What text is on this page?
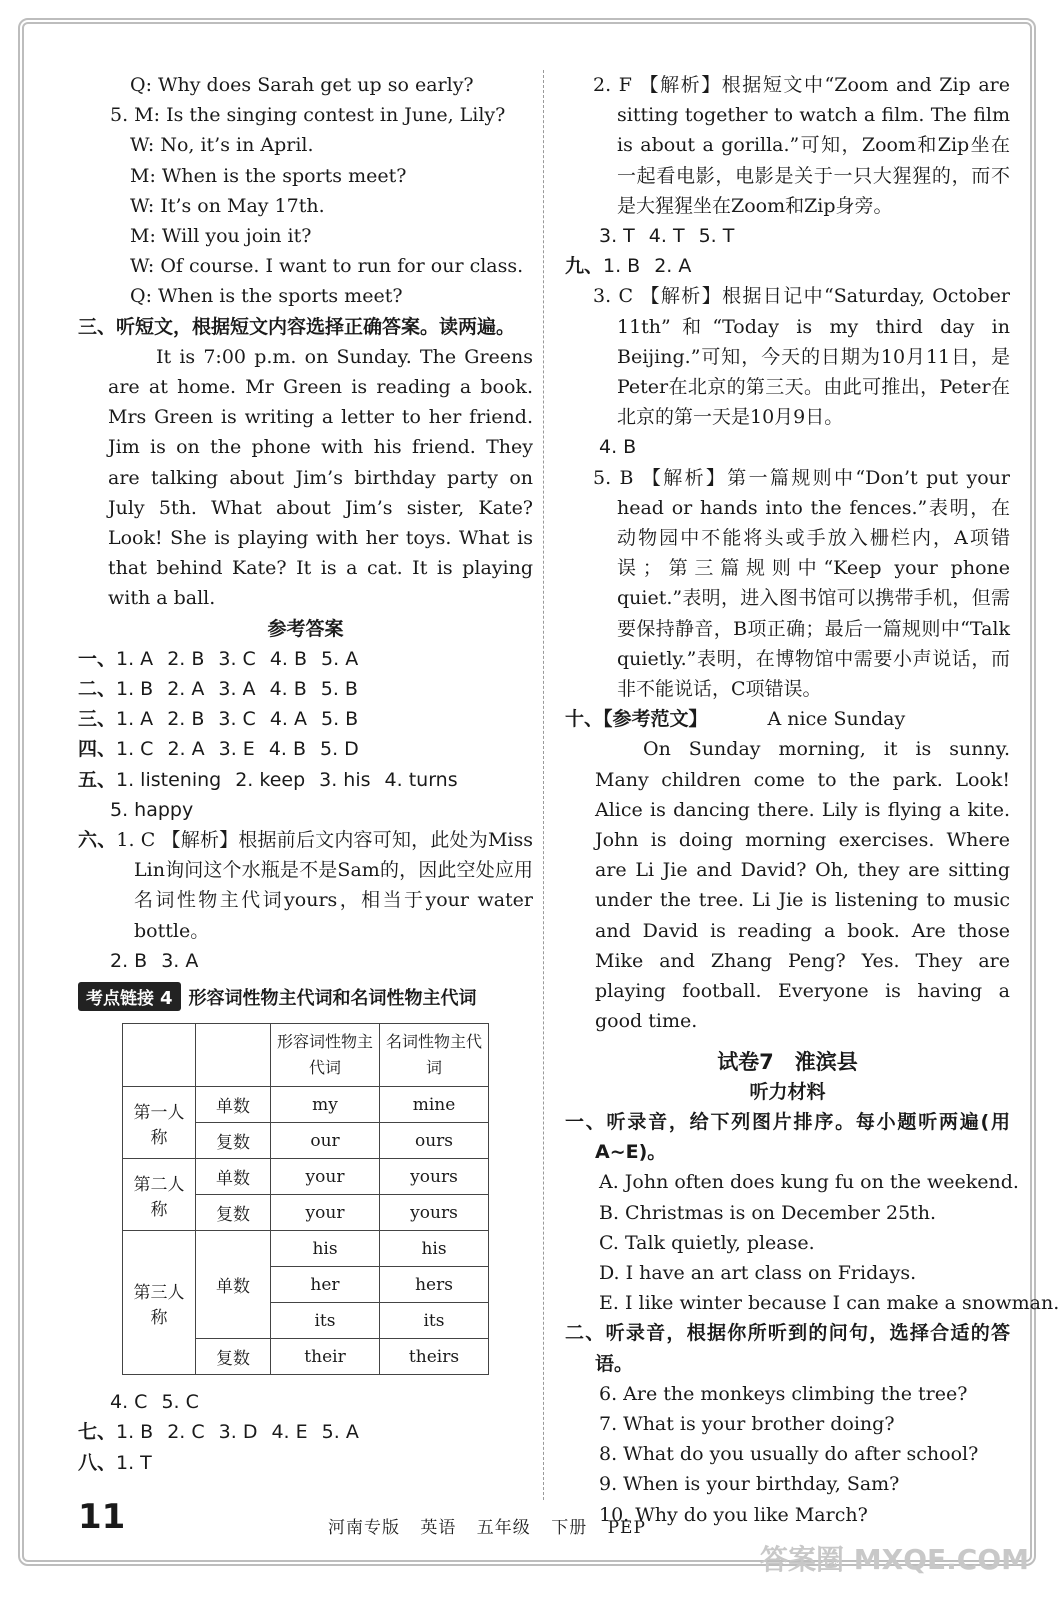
Q: Why does Sarah get up so early?
5. M: Is the singing contest in June, Lily?
W: No, it’s in April.
M: When is the sports meet?
W: It’s on May 17th.
M: Will you join it?
W: Of course. I want to run for our class.
Q: When is the sports meet?
三、听短文，根据短文内容选择正确答案。读两遍。
It is 7:00 p.m. on Sunday. The Greens are at home. Mr Green is reading a book. Mrs Green is writing a letter to her friend. Jim is on the phone with his friend. They are talking about Jim’s birthday party on July 5th. What about Jim’s sister, Kate? Look! She is playing with her toys. What is that behind Kate? It is a cat. It is playing with a ball.
参考答案
一、1. A 2. B 3. C 4. B 5. A
二、1. B 2. A 3. A 4. B 5. B
三、1. A 2. B 3. C 4. A 5. B
四、1. C 2. A 3. E 4. B 5. D
五、1. listening 2. keep 3. his 4. turns
5. happy
六、1. C 【解析】根据前后文内容可知，此处为Miss Lin询问这个水瓶是不是Sam的，因此空处应用名词性物主代词yours，相当于your water bottle。
2. B 3. A
考点链接 4 形容词性物主代词和名词性物主代词
		形容词性物主代词	名词性物主代词
第一人称	单数	my	mine
	复数	our	ours
第二人称	单数	your	yours
	复数	your	yours
第三人称	单数	his	his
		her	hers
		its	its
	复数	their	theirs
4. C 5. C
七、1. B 2. C 3. D 4. E 5. A
八、1. T
2. F 【解析】根据短文中“Zoom and Zip are sitting together to watch a film. The film is about a gorilla.”可知，Zoom和Zip坐在一起看电影，电影是关于一只大猩猩的，而不是大猩猩坐在Zoom和Zip身旁。
3. T 4. T 5. T
九、1. B 2. A
3. C 【解析】根据日记中“Saturday, October 11th”和“Today is my third day in Beijing.”可知，今天的日期为10月11日，是Peter在北京的第三天。由此可推出，Peter在北京的第一天是10月9日。
4. B
5. B 【解析】第一篇规则中“Don’t put your head or hands into the fences.”表明，在动物园中不能将头或手放入栅栏内，A项错误；第三篇规则中“Keep your phone quiet.”表明，进入图书馆可以携带手机，但需要保持静音，B项正确；最后一篇规则中“Talk quietly.”表明，在博物馆中需要小声说话，而非不能说话，C项错误。
十、【参考范文】	A nice Sunday
On Sunday morning, it is sunny. Many children come to the park. Look! Alice is dancing there. Lily is flying a kite. John is doing morning exercises. Where are Li Jie and David? Oh, they are sitting under the tree. Li Jie is listening to music and David is reading a book. Are those Mike and Zhang Peng? Yes. They are playing football. Everyone is having a good time.
试卷7　淮滨县
听力材料
一、听录音，给下列图片排序。每小题听两遍(用A~E)。
A. John often does kung fu on the weekend.
B. Christmas is on December 25th.
C. Talk quietly, please.
D. I have an art class on Fridays.
E. I like winter because I can make a snowman.
二、听录音，根据你所听到的问句，选择合适的答语。
6. Are the monkeys climbing the tree?
7. What is your brother doing?
8. What do you usually do after school?
9. When is your birthday, Sam?
10. Why do you like March?
11	河南专版 英语 五年级 下册 PEP
答案圈 MXQE.COM
